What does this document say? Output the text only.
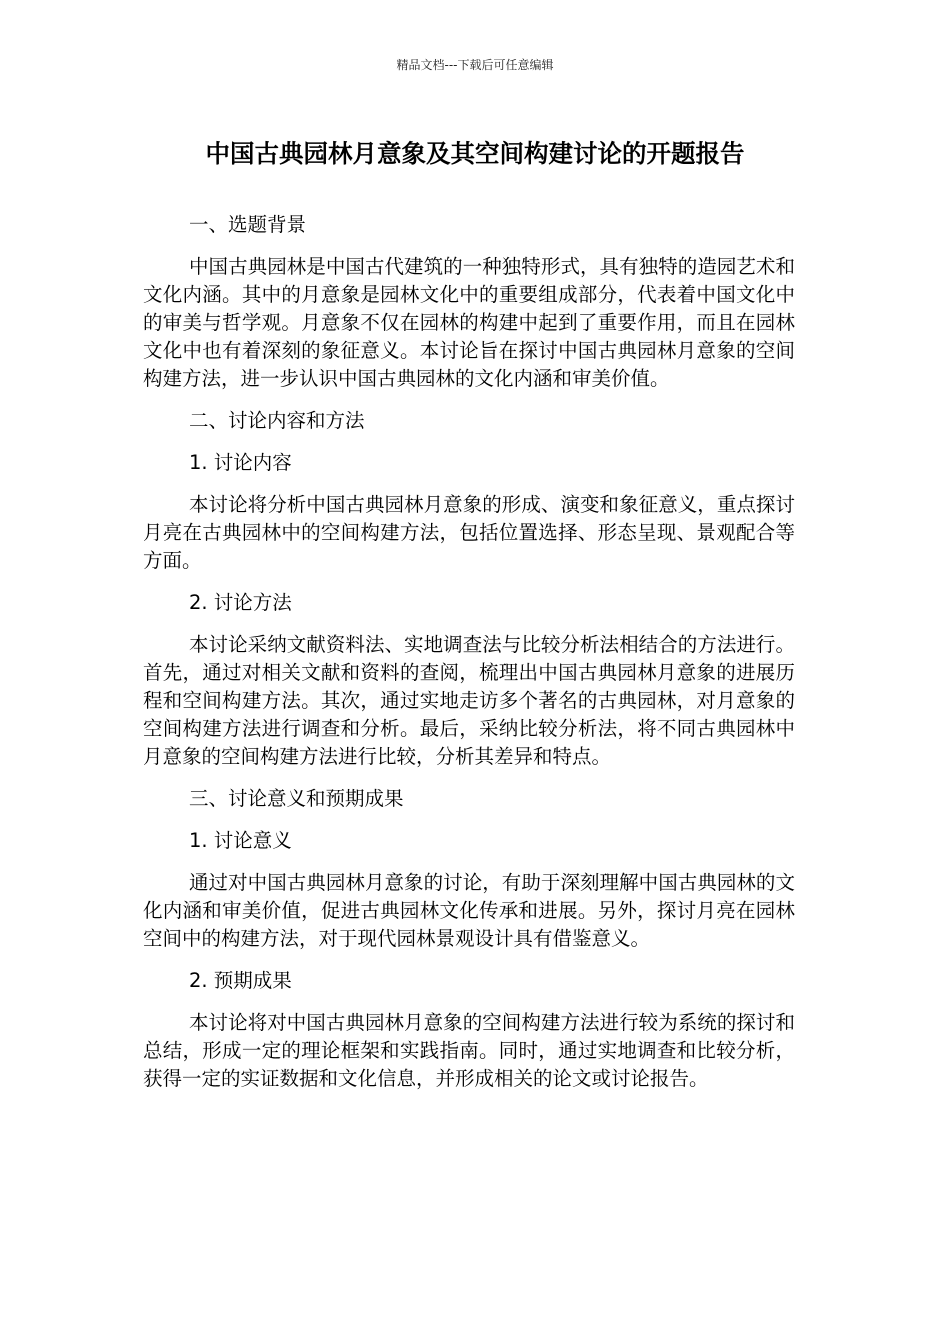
精品文档---下载后可任意编辑
中国古典园林月意象及其空间构建讨论的开题报告

一、选题背景

中国古典园林是中国古代建筑的一种独特形式，具有独特的造园艺术和文化内涵。其中的月意象是园林文化中的重要组成部分，代表着中国文化中的审美与哲学观。月意象不仅在园林的构建中起到了重要作用，而且在园林文化中也有着深刻的象征意义。本讨论旨在探讨中国古典园林月意象的空间构建方法，进一步认识中国古典园林的文化内涵和审美价值。

二、讨论内容和方法

1. 讨论内容

本讨论将分析中国古典园林月意象的形成、演变和象征意义，重点探讨月亮在古典园林中的空间构建方法，包括位置选择、形态呈现、景观配合等方面。

2. 讨论方法

本讨论采纳文献资料法、实地调查法与比较分析法相结合的方法进行。首先，通过对相关文献和资料的查阅，梳理出中国古典园林月意象的进展历程和空间构建方法。其次，通过实地走访多个著名的古典园林，对月意象的空间构建方法进行调查和分析。最后，采纳比较分析法，将不同古典园林中月意象的空间构建方法进行比较，分析其差异和特点。

三、讨论意义和预期成果

1. 讨论意义

通过对中国古典园林月意象的讨论，有助于深刻理解中国古典园林的文化内涵和审美价值，促进古典园林文化传承和进展。另外，探讨月亮在园林空间中的构建方法，对于现代园林景观设计具有借鉴意义。

2. 预期成果

本讨论将对中国古典园林月意象的空间构建方法进行较为系统的探讨和总结，形成一定的理论框架和实践指南。同时，通过实地调查和比较分析，获得一定的实证数据和文化信息，并形成相关的论文或讨论报告。
